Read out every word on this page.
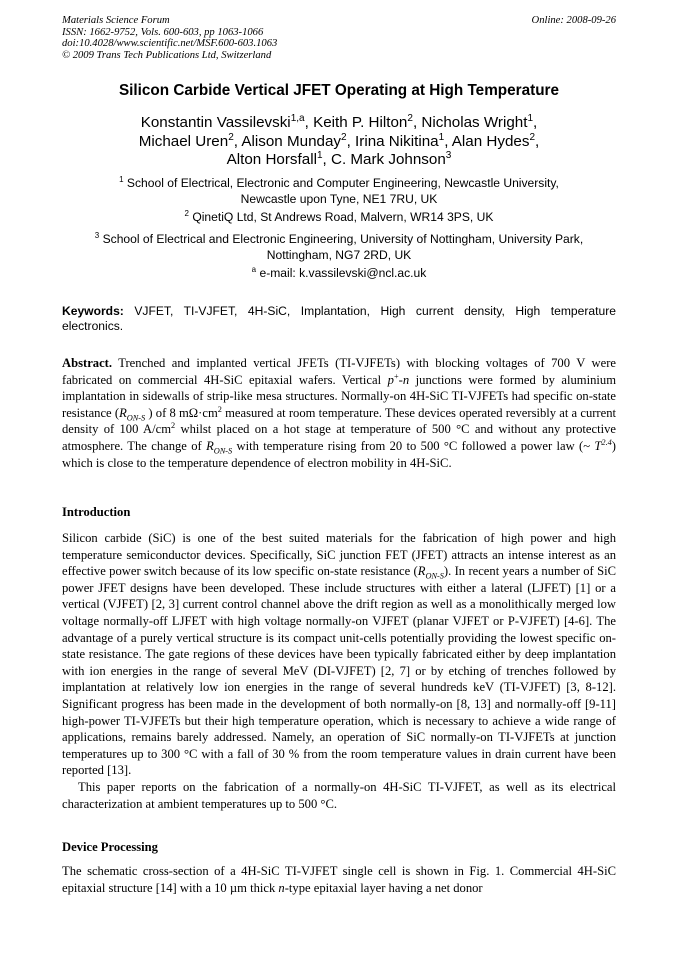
Materials Science Forum
ISSN: 1662-9752, Vols. 600-603, pp 1063-1066
doi:10.4028/www.scientific.net/MSF.600-603.1063
© 2009 Trans Tech Publications Ltd, Switzerland
Online: 2008-09-26
Silicon Carbide Vertical JFET Operating at High Temperature
Konstantin Vassilevski$^{1,a}$, Keith P. Hilton$^2$, Nicholas Wright$^1$,
Michael Uren$^2$, Alison Munday$^2$, Irina Nikitina$^1$, Alan Hydes$^2$,
Alton Horsfall$^1$, C. Mark Johnson$^3$
$^1$ School of Electrical, Electronic and Computer Engineering, Newcastle University,
Newcastle upon Tyne, NE1 7RU, UK
$^2$ QinetiQ Ltd, St Andrews Road, Malvern, WR14 3PS, UK
$^3$ School of Electrical and Electronic Engineering, University of Nottingham, University Park,
Nottingham, NG7 2RD, UK
$^a$ e-mail: k.vassilevski@ncl.ac.uk
Keywords: VJFET, TI-VJFET, 4H-SiC, Implantation, High current density, High temperature electronics.
Abstract. Trenched and implanted vertical JFETs (TI-VJFETs) with blocking voltages of 700 V were fabricated on commercial 4H-SiC epitaxial wafers. Vertical p+-n junctions were formed by aluminium implantation in sidewalls of strip-like mesa structures. Normally-on 4H-SiC TI-VJFETs had specific on-state resistance ($R_{ON-S}$ ) of 8 $m\Omega\cdot cm^2$ measured at room temperature. These devices operated reversibly at a current density of 100 $A/cm^2$ whilst placed on a hot stage at temperature of 500 °C and without any protective atmosphere. The change of $R_{ON-S}$ with temperature rising from 20 to 500 °C followed a power law (~ $T^{2.4}$) which is close to the temperature dependence of electron mobility in 4H-SiC.
Introduction

Silicon carbide (SiC) is one of the best suited materials for the fabrication of high power and high temperature semiconductor devices. Specifically, SiC junction FET (JFET) attracts an intense interest as an effective power switch because of its low specific on-state resistance $(R_{ON-S})$. In recent years a number of SiC power JFET designs have been developed. These include structures with either a lateral (LJFET) [1] or a vertical (VJFET) [2, 3] current control channel above the drift region as well as a monolithically merged low voltage normally-off LJFET with high voltage normally-on VJFET (planar VJFET or P-VJFET) [4-6]. The advantage of a purely vertical structure is its compact unit-cells potentially providing the lowest specific on-state resistance. The gate regions of these devices have been typically fabricated either by deep implantation with ion energies in the range of several MeV (DI-VJFET) [2, 7] or by etching of trenches followed by implantation at relatively low ion energies in the range of several hundreds keV (TI-VJFET) [3, 8-12]. Significant progress has been made in the development of both normally-on [8, 13] and normally-off [9-11] high-power TI-VJFETs but their high temperature operation, which is necessary to achieve a wide range of applications, remains barely addressed. Namely, an operation of SiC normally-on TI-VJFETs at junction temperatures up to 300 °C with a fall of 30 % from the room temperature values in drain current have been reported [13].

This paper reports on the fabrication of a normally-on 4H-SiC TI-VJFET, as well as its electrical characterization at ambient temperatures up to 500 °C.

Device Processing

The schematic cross-section of a 4H-SiC TI-VJFET single cell is shown in Fig. 1. Commercial 4H-SiC epitaxial structure [14] with a 10 µm thick n-type epitaxial layer having a net donor
